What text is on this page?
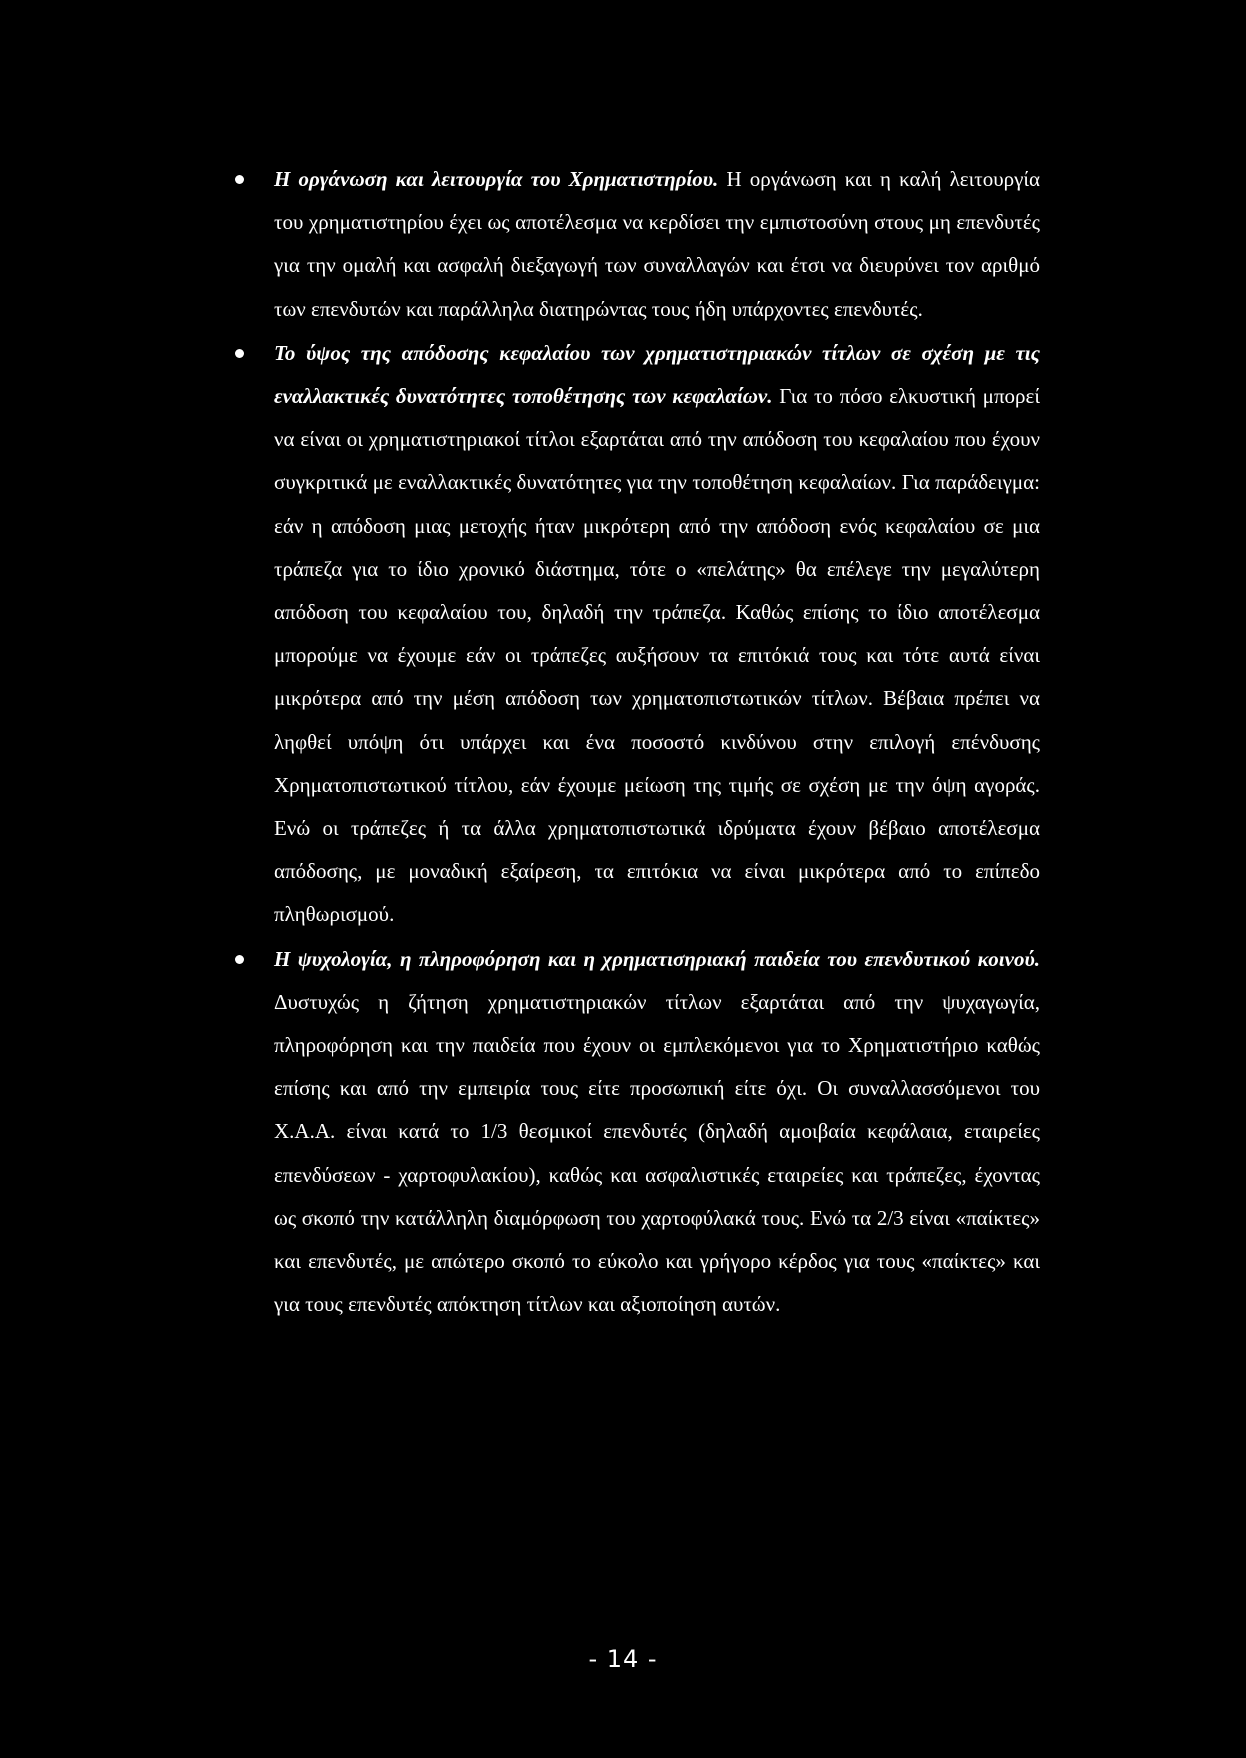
Η οργάνωση και λειτουργία του Χρηματιστηρίου. Η οργάνωση και η καλή λειτουργία του χρηματιστηρίου έχει ως αποτέλεσμα να κερδίσει την εμπιστοσύνη στους μη επενδυτές για την ομαλή και ασφαλή διεξαγωγή των συναλλαγών και έτσι να διευρύνει τον αριθμό των επενδυτών και παράλληλα διατηρώντας τους ήδη υπάρχοντες επενδυτές.
Το ύψος της απόδοσης κεφαλαίου των χρηματιστηριακών τίτλων σε σχέση με τις εναλλακτικές δυνατότητες τοποθέτησης των κεφαλαίων. Για το πόσο ελκυστική μπορεί να είναι οι χρηματιστηριακοί τίτλοι εξαρτάται από την απόδοση του κεφαλαίου που έχουν συγκριτικά με εναλλακτικές δυνατότητες για την τοποθέτηση κεφαλαίων. Για παράδειγμα: εάν η απόδοση μιας μετοχής ήταν μικρότερη από την απόδοση ενός κεφαλαίου σε μια τράπεζα για το ίδιο χρονικό διάστημα, τότε ο «πελάτης» θα επέλεγε την μεγαλύτερη απόδοση του κεφαλαίου του, δηλαδή την τράπεζα. Καθώς επίσης το ίδιο αποτέλεσμα μπορούμε να έχουμε εάν οι τράπεζες αυξήσουν τα επιτόκιά τους και τότε αυτά είναι μικρότερα από την μέση απόδοση των χρηματοπιστωτικών τίτλων. Βέβαια πρέπει να ληφθεί υπόψη ότι υπάρχει και ένα ποσοστό κινδύνου στην επιλογή επένδυσης Χρηματοπιστωτικού τίτλου, εάν έχουμε μείωση της τιμής σε σχέση με την όψη αγοράς. Ενώ οι τράπεζες ή τα άλλα χρηματοπιστωτικά ιδρύματα έχουν βέβαιο αποτέλεσμα απόδοσης, με μοναδική εξαίρεση, τα επιτόκια να είναι μικρότερα από το επίπεδο πληθωρισμού.
Η ψυχολογία, η πληροφόρηση και η χρηματισηριακή παιδεία του επενδυτικού κοινού. Δυστυχώς η ζήτηση χρηματιστηριακών τίτλων εξαρτάται από την ψυχαγωγία, πληροφόρηση και την παιδεία που έχουν οι εμπλεκόμενοι για το Χρηματιστήριο καθώς επίσης και από την εμπειρία τους είτε προσωπική είτε όχι. Οι συναλλασσόμενοι του Χ.Α.Α. είναι κατά το 1/3 θεσμικοί επενδυτές (δηλαδή αμοιβαία κεφάλαια, εταιρείες επενδύσεων - χαρτοφυλακίου), καθώς και ασφαλιστικές εταιρείες και τράπεζες, έχοντας ως σκοπό την κατάλληλη διαμόρφωση του χαρτοφύλακά τους. Ενώ τα 2/3 είναι «παίκτες» και επενδυτές, με απώτερο σκοπό το εύκολο και γρήγορο κέρδος για τους «παίκτες» και για τους επενδυτές απόκτηση τίτλων και αξιοποίηση αυτών.
- 14 -
